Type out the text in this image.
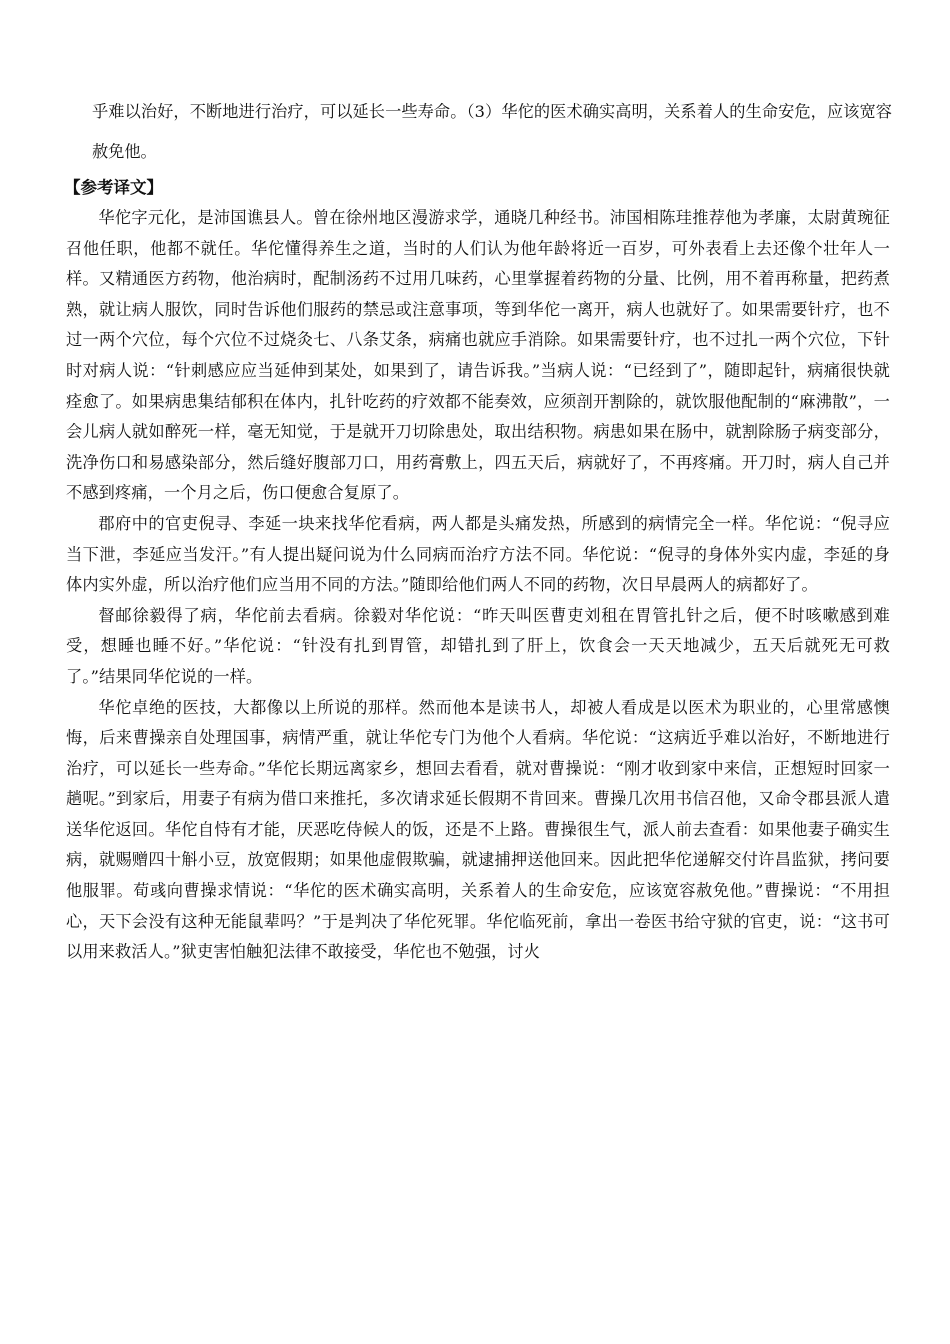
乎难以治好，不断地进行治疗，可以延长一些寿命。（3）华佗的医术确实高明，关系着人的生命安危，应该宽容赦免他。
【参考译文】

华佗字元化，是沛国谯县人。曾在徐州地区漫游求学，通晓几种经书。沛国相陈珪推荐他为孝廉，太尉黄琬征召他任职，他都不就任。华佗懂得养生之道，当时的人们认为他年龄将近一百岁，可外表看上去还像个壮年人一样。又精通医方药物，他治病时，配制汤药不过用几味药，心里掌握着药物的分量、比例，用不着再称量，把药煮熟，就让病人服饮，同时告诉他们服药的禁忌或注意事项，等到华佗一离开，病人也就好了。如果需要针疗，也不过一两个穴位，每个穴位不过烧灸七、八条艾条，病痛也就应手消除。如果需要针疗，也不过扎一两个穴位，下针时对病人说：“针刺感应应当延伸到某处，如果到了，请告诉我。”当病人说：“已经到了”，随即起针，病痛很快就痊愈了。如果病患集结郁积在体内，扎针吃药的疗效都不能奏效，应须剖开割除的，就饮服他配制的“麻沸散”，一会儿病人就如醉死一样，毫无知觉，于是就开刀切除患处，取出结积物。病患如果在肠中，就割除肠子病变部分，洗净伤口和易感染部分，然后缝好腹部刀口，用药膏敷上，四五天后，病就好了，不再疼痛。开刀时，病人自己并不感到疼痛，一个月之后，伤口便愈合复原了。

郡府中的官吏倪寻、李延一块来找华佗看病，两人都是头痛发热，所感到的病情完全一样。华佗说：“倪寻应当下泄，李延应当发汗。”有人提出疑问说为什么同病而治疗方法不同。华佗说：“倪寻的身体外实内虚，李延的身体内实外虚，所以治疗他们应当用不同的方法。”随即给他们两人不同的药物，次日早晨两人的病都好了。

督邮徐毅得了病，华佗前去看病。徐毅对华佗说：“昨天叫医曹吏刘租在胃管扎针之后，便不时咳嗽感到难受，想睡也睡不好。”华佗说：“针没有扎到胃管，却错扎到了肝上，饮食会一天天地减少，五天后就死无可救了。”结果同华佗说的一样。

华佗卓绝的医技，大都像以上所说的那样。然而他本是读书人，却被人看成是以医术为职业的，心里常感懊悔，后来曹操亲自处理国事，病情严重，就让华佗专门为他个人看病。华佗说：“这病近乎难以治好，不断地进行治疗，可以延长一些寿命。”华佗长期远离家乡，想回去看看，就对曹操说：“刚才收到家中来信，正想短时回家一趟呢。”到家后，用妻子有病为借口来推托，多次请求延长假期不肯回来。曹操几次用书信召他，又命令郡县派人遣送华佗返回。华佗自恃有才能，厌恶吃侍候人的饭，还是不上路。曹操很生气，派人前去查看：如果他妻子确实生病，就赐赠四十斛小豆，放宽假期；如果他虚假欺骗，就逮捕押送他回来。因此把华佗递解交付许昌监狱，拷问要他服罪。荀彧向曹操求情说：“华佗的医术确实高明，关系着人的生命安危，应该宽容赦免他。”曹操说：“不用担心，天下会没有这种无能鼠辈吗？”于是判决了华佗死罪。华佗临死前，拿出一卷医书给守狱的官吏，说：“这书可以用来救活人。”狱吏害怕触犯法律不敢接受，华佗也不勉强，讨火
